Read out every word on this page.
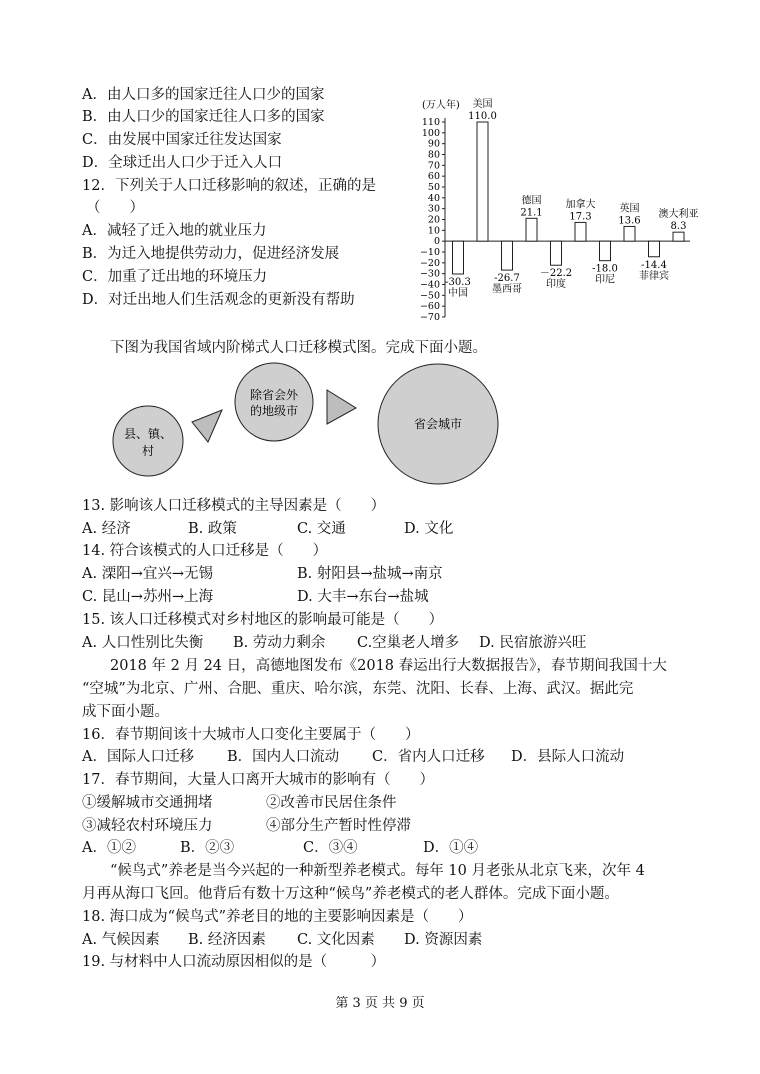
A．由人口多的国家迁往人口少的国家
B．由人口少的国家迁往人口多的国家
C．由发展中国家迁往发达国家
D．全球迁出人口少于迁入人口
12．下列关于人口迁移影响的叙述，正确的是
（　　）
A．减轻了迁入地的就业压力
B．为迁入地提供劳动力，促进经济发展
C．加重了迁出地的环境压力
D．对迁出地人们生活观念的更新没有帮助
(万人年)
110
100
90
80
70
60
50
40
30
20
10
0
−10
−20
−30
−40
−50
−60
−70
-30.3
中国
美国
110.0
-26.7
墨西哥
德国
21.1
－22.2
印度
加拿大
17.3
-18.0
印尼
英国
13.6
-14.4
菲律宾
澳大利亚
8.3
下图为我国省域内阶梯式人口迁移模式图。完成下面小题。
县、镇、
村
除省会外
的地级市
省会城市
13. 影响该人口迁移模式的主导因素是（　　）
A. 经济	B. 政策	C. 交通	D. 文化
14. 符合该模式的人口迁移是（　　）
A. 溧阳→宜兴→无锡	B. 射阳县→盐城→南京
C. 昆山→苏州→上海	D. 大丰→东台→盐城
15. 该人口迁移模式对乡村地区的影响最可能是（　　）
A. 人口性别比失衡 B. 劳动力剩余 C.空巢老人增多 D. 民宿旅游兴旺
2018 年 2 月 24 日，高德地图发布《2018 春运出行大数据报告》，春节期间我国十大
“空城”为北京、广州、合肥、重庆、哈尔滨，东莞、沈阳、长春、上海、武汉。据此完
成下面小题。
16．春节期间该十大城市人口变化主要属于（　　）
A．国际人口迁移 B．国内人口流动 C．省内人口迁移 D．县际人口流动
17．春节期间，大量人口离开大城市的影响有（　　）
①缓解城市交通拥堵	②改善市民居住条件
③减轻农村环境压力	④部分生产暂时性停滞
A．①②	B．②③	C．③④	D．①④
“候鸟式”养老是当今兴起的一种新型养老模式。每年 10 月老张从北京飞来，次年 4
月再从海口飞回。他背后有数十万这种“候鸟”养老模式的老人群体。完成下面小题。
18. 海口成为“候鸟式”养老目的地的主要影响因素是（　　）
A. 气候因素 B. 经济因素 C. 文化因素 D. 资源因素
19. 与材料中人口流动原因相似的是（　　　）
第 3 页 共 9 页
